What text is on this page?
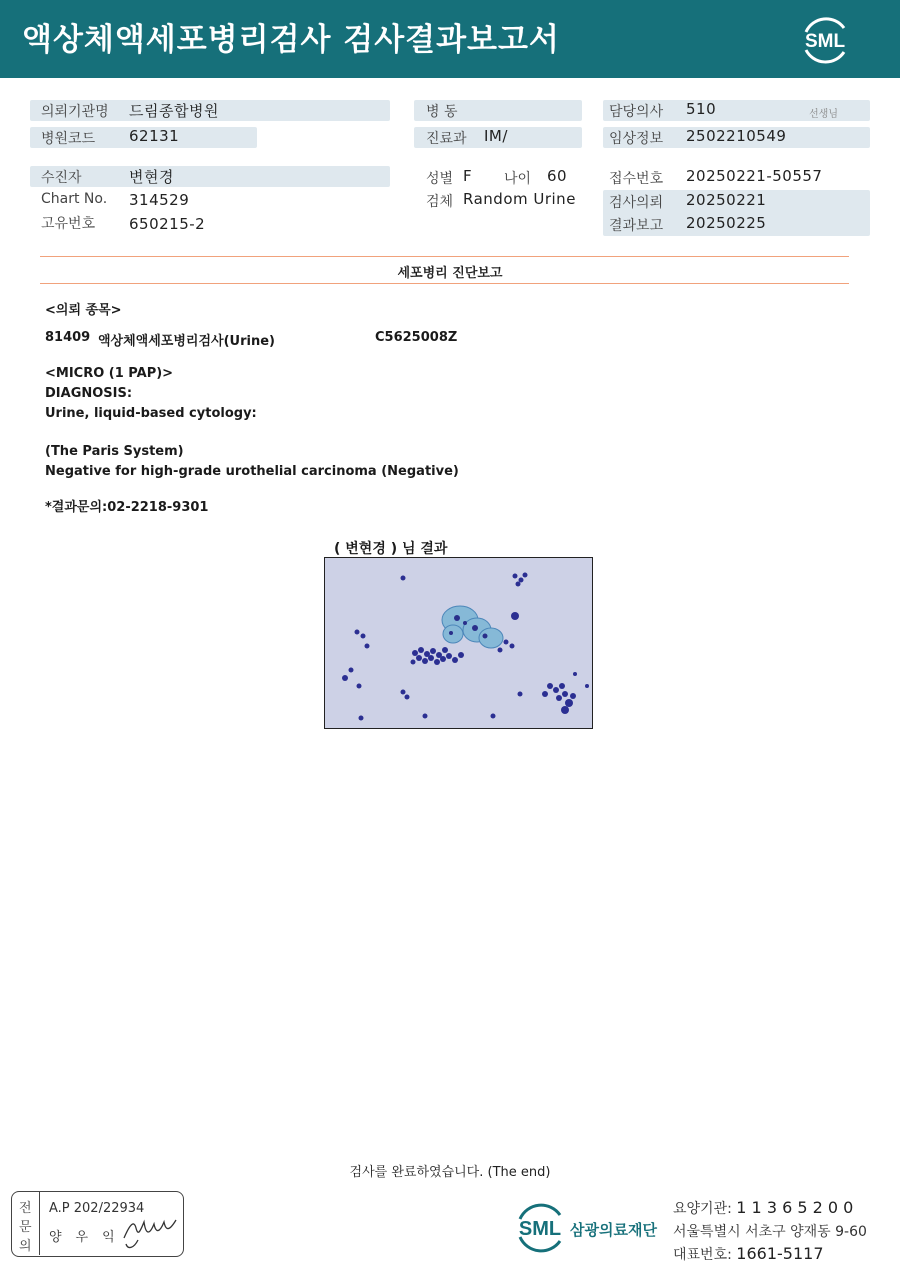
액상체액세포병리검사 검사결과보고서	SML
의뢰기관명 드림종합병원
병원코드 62131
수진자	변현경
Chart No. 314529
고유번호 650215-2
병 동
진료과 IM/
성별 F 나이 60
검체 Random Urine
담당의사 510	선생님
임상정보 2502210549
접수번호 20250221-50557
검사의뢰 20250221
결과보고 20250225
세포병리 진단보고
<의뢰 종목>
81409 액상체액세포병리검사(Urine)	C5625008Z
<MICRO (1 PAP)>
DIAGNOSIS:
Urine, liquid-based cytology:
(The Paris System)
Negative for high-grade urothelial carcinoma (Negative)
*결과문의:02-2218-9301
( 변현경 ) 님 결과
검사를 완료하였습니다. (The end)
전
문
의
A.P 202/22934
양우익	SML 삼광의료재단
요양기관: 1 1 3 6 5 2 0 0
서울특별시 서초구 양재동 9-60
대표번호: 1661-5117
